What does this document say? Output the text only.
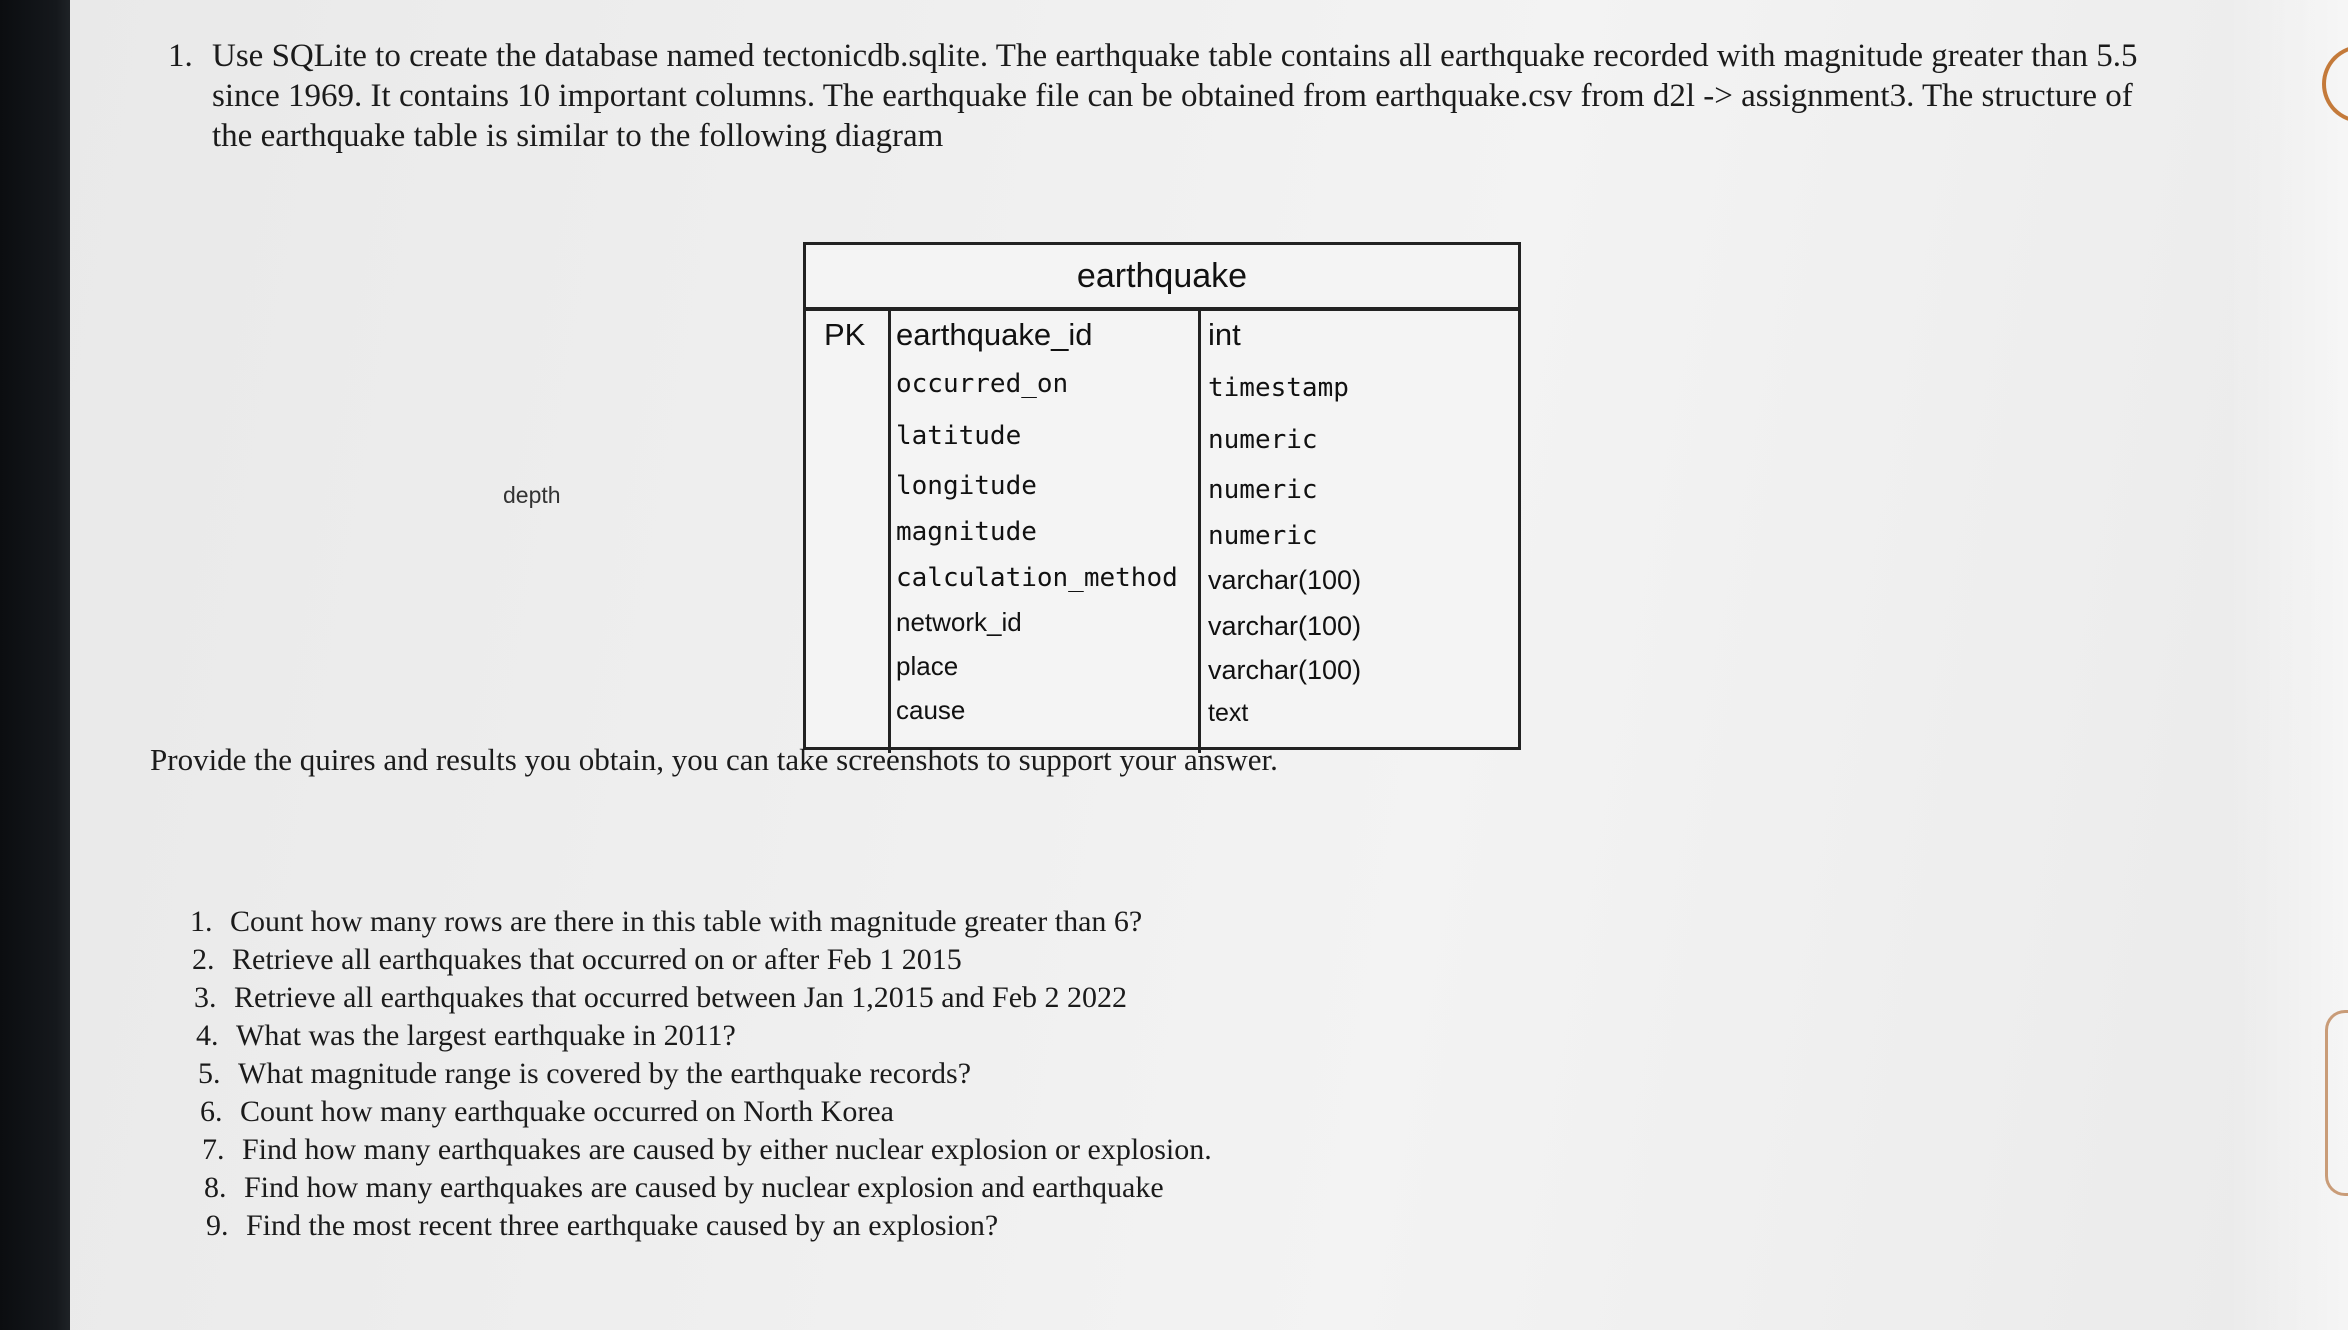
1. Use SQLite to create the database named tectonicdb.sqlite. The earthquake table contains all earthquake recorded with magnitude greater than 5.5
since 1969. It contains 10 important columns. The earthquake file can be obtained from earthquake.csv from d2l -> assignment3. The structure of
the earthquake table is similar to the following diagram
depth
earthquake
PK earthquake_id	int
occurred_on	timestamp
latitude	numeric
longitude	numeric
magnitude	numeric
calculation_method varchar(100)
network_id	varchar(100)
place	varchar(100)
cause	text
Provide the quires and results you obtain, you can take screenshots to support your answer.
1. Count how many rows are there in this table with magnitude greater than 6?
2. Retrieve all earthquakes that occurred on or after Feb 1 2015
3. Retrieve all earthquakes that occurred between Jan 1,2015 and Feb 2 2022
4. What was the largest earthquake in 2011?
5. What magnitude range is covered by the earthquake records?
6. Count how many earthquake occurred on North Korea
7. Find how many earthquakes are caused by either nuclear explosion or explosion.
8. Find how many earthquakes are caused by nuclear explosion and earthquake
9. Find the most recent three earthquake caused by an explosion?
